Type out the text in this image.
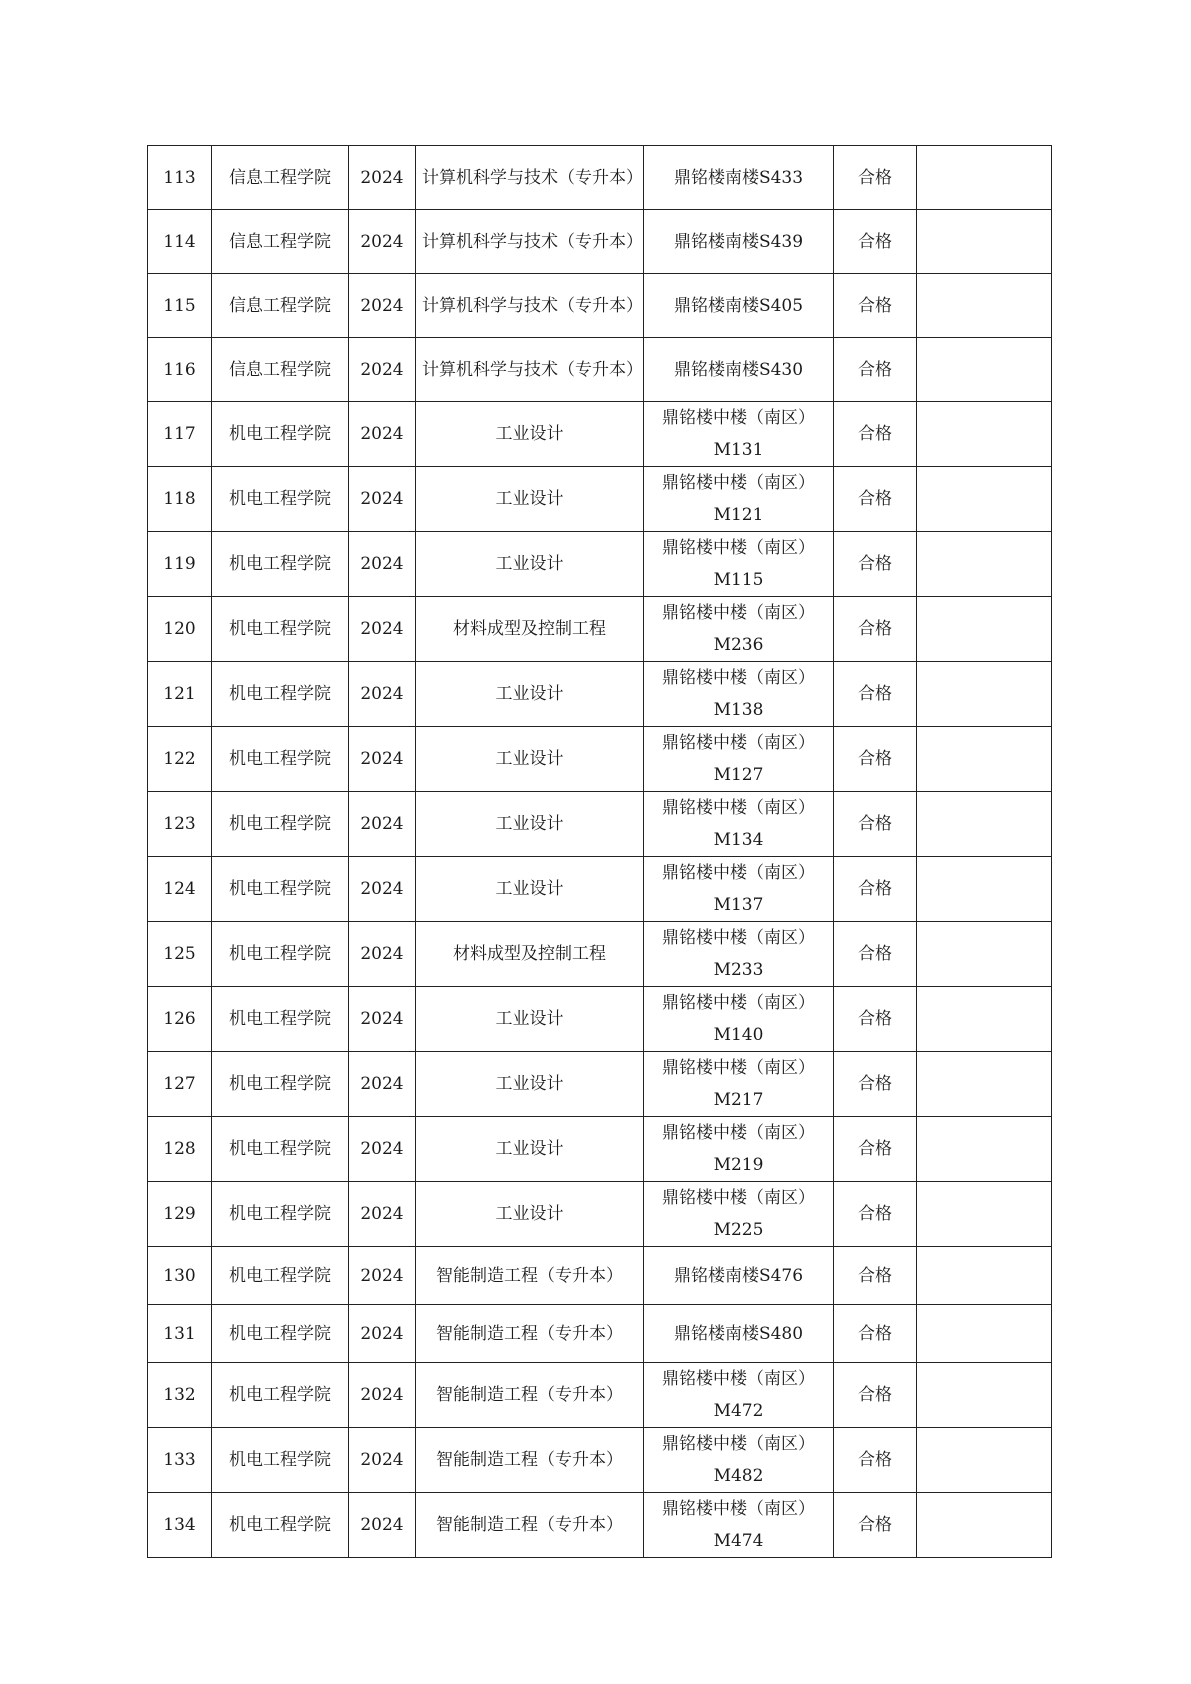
113	信息工程学院	2024	计算机科学与技术（专升本）	鼎铭楼南楼S433	合格	
114	信息工程学院	2024	计算机科学与技术（专升本）	鼎铭楼南楼S439	合格	
115	信息工程学院	2024	计算机科学与技术（专升本）	鼎铭楼南楼S405	合格	
116	信息工程学院	2024	计算机科学与技术（专升本）	鼎铭楼南楼S430	合格	
117	机电工程学院	2024	工业设计	鼎铭楼中楼（南区）M131	合格	
118	机电工程学院	2024	工业设计	鼎铭楼中楼（南区）M121	合格	
119	机电工程学院	2024	工业设计	鼎铭楼中楼（南区）M115	合格	
120	机电工程学院	2024	材料成型及控制工程	鼎铭楼中楼（南区）M236	合格	
121	机电工程学院	2024	工业设计	鼎铭楼中楼（南区）M138	合格	
122	机电工程学院	2024	工业设计	鼎铭楼中楼（南区）M127	合格	
123	机电工程学院	2024	工业设计	鼎铭楼中楼（南区）M134	合格	
124	机电工程学院	2024	工业设计	鼎铭楼中楼（南区）M137	合格	
125	机电工程学院	2024	材料成型及控制工程	鼎铭楼中楼（南区）M233	合格	
126	机电工程学院	2024	工业设计	鼎铭楼中楼（南区）M140	合格	
127	机电工程学院	2024	工业设计	鼎铭楼中楼（南区）M217	合格	
128	机电工程学院	2024	工业设计	鼎铭楼中楼（南区）M219	合格	
129	机电工程学院	2024	工业设计	鼎铭楼中楼（南区）M225	合格	
130	机电工程学院	2024	智能制造工程（专升本）	鼎铭楼南楼S476	合格	
131	机电工程学院	2024	智能制造工程（专升本）	鼎铭楼南楼S480	合格	
132	机电工程学院	2024	智能制造工程（专升本）	鼎铭楼中楼（南区）M472	合格	
133	机电工程学院	2024	智能制造工程（专升本）	鼎铭楼中楼（南区）M482	合格	
134	机电工程学院	2024	智能制造工程（专升本）	鼎铭楼中楼（南区）M474	合格	
